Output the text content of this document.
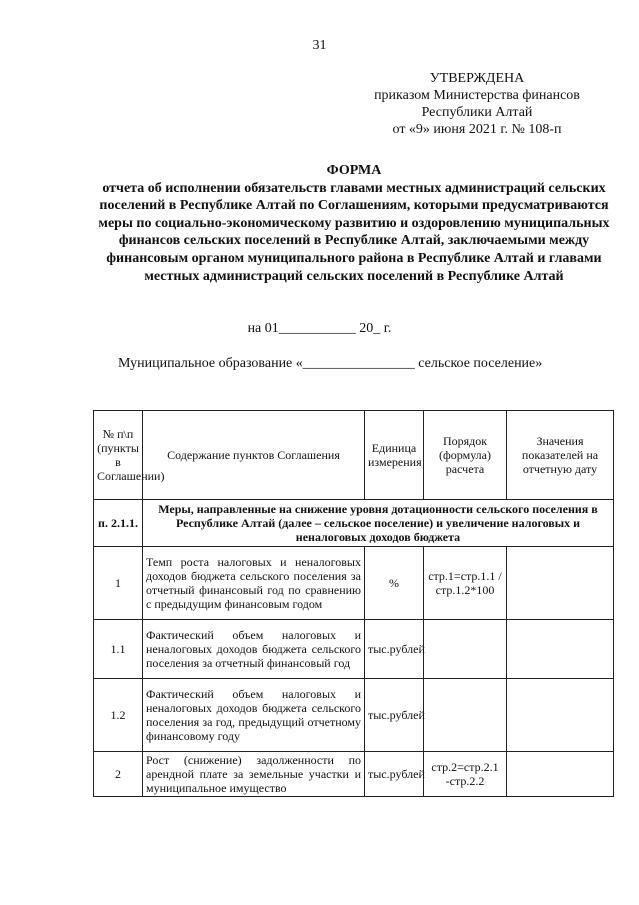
31
УТВЕРЖДЕНА
приказом Министерства финансов
Республики Алтай
от «9» июня 2021 г. № 108-п
ФОРМА
отчета об исполнении обязательств главами местных администраций сельских поселений в Республике Алтай по Соглашениям, которыми предусматриваются меры по социально-экономическому развитию и оздоровлению муниципальных финансов сельских поселений в Республике Алтай, заключаемыми между финансовым органом муниципального района в Республике Алтай и главами местных администраций сельских поселений в Республике Алтай
на 01___________ 20_ г.
Муниципальное образование «________________ сельское поселение»
№ п\п (пункты в Соглашении)	Содержание пунктов Соглашения	Единица измерения	Порядок (формула) расчета	Значения показателей на отчетную дату
п. 2.1.1.	Меры, направленные на снижение уровня дотационности сельского поселения в Республике Алтай (далее – сельское поселение) и увеличение налоговых и неналоговых доходов бюджета			
1	Темп роста налоговых и неналоговых доходов бюджета сельского поселения за отчетный финансовый год по сравнению с предыдущим финансовым годом	%	стр.1=стр.1.1 /стр.1.2*100	
1.1	Фактический объем налоговых и неналоговых доходов бюджета сельского поселения за отчетный финансовый год	тыс.рублей		
1.2	Фактический объем налоговых и неналоговых доходов бюджета сельского поселения за год, предыдущий отчетному финансовому году	тыс.рублей		
2	Рост (снижение) задолженности по арендной плате за земельные участки и муниципальное имущество	тыс.рублей	стр.2=стр.2.1 -стр.2.2	
